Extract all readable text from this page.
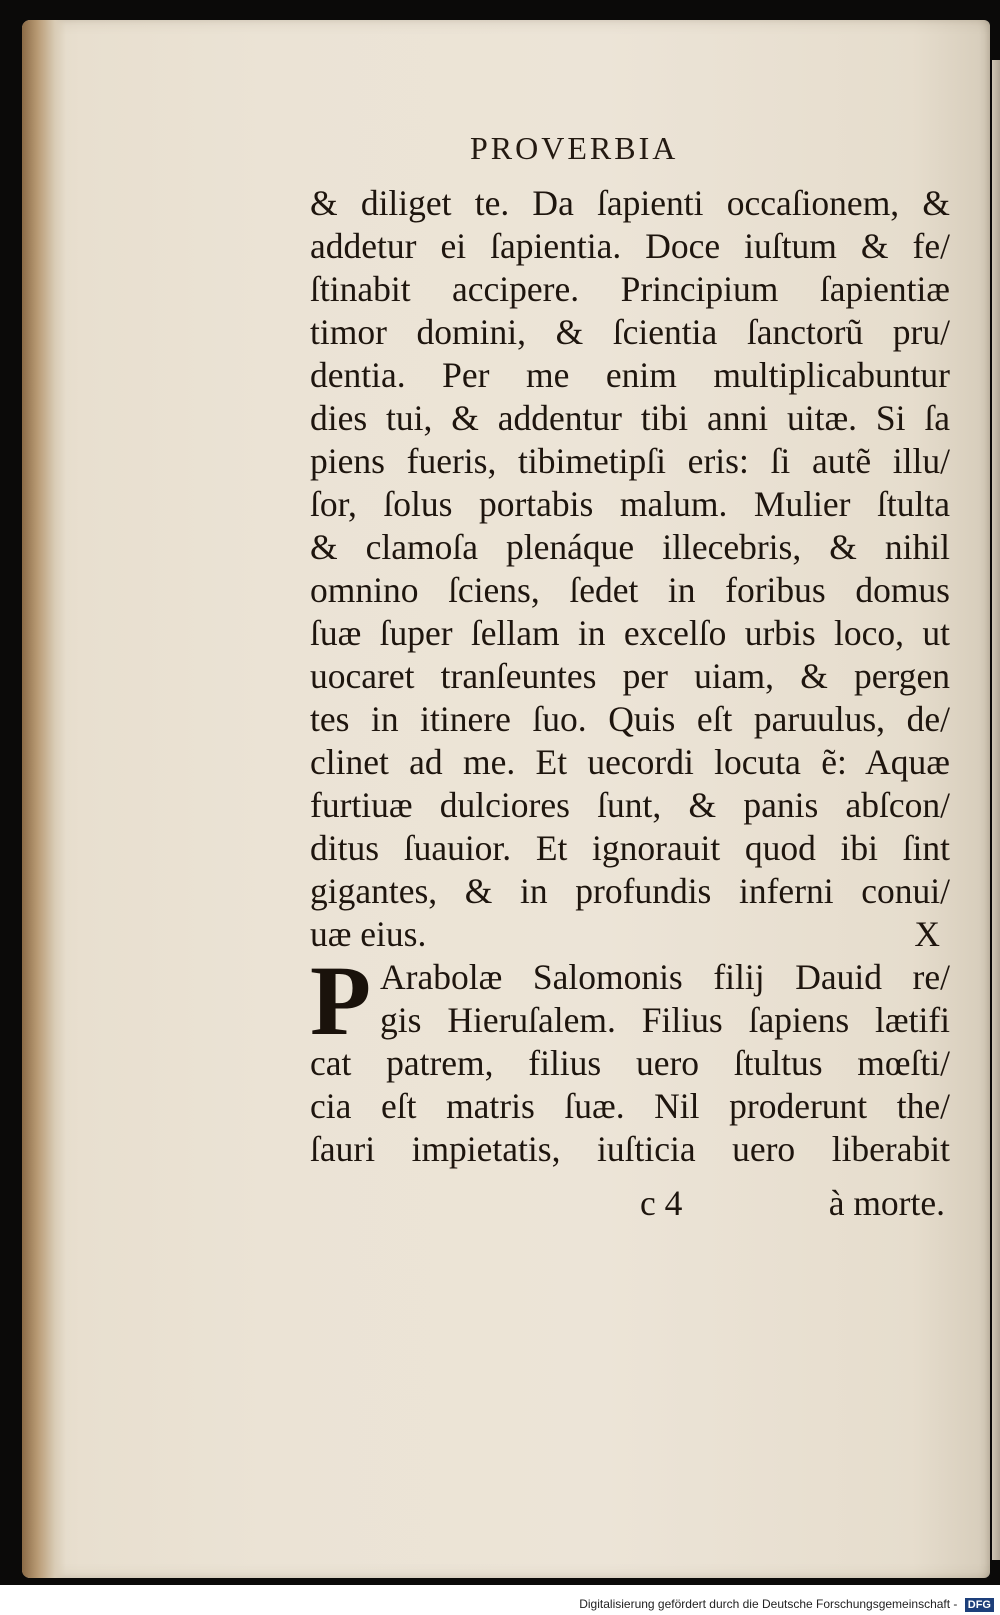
PROVERBIA
& diliget te. Da ſapienti occaſionem, &
addetur ei ſapientia. Doce iuſtum & fe/
ſtinabit accipere. Principium ſapientiæ
timor domini, & ſcientia ſanctorũ pru/
dentia. Per me enim multiplicabuntur
dies tui, & addentur tibi anni uitæ. Si ſa
piens fueris, tibimetipſi eris: ſi autẽ illu/
ſor, ſolus portabis malum. Mulier ſtulta
& clamoſa plenáque illecebris, & nihil
omnino ſciens, ſedet in foribus domus
ſuæ ſuper ſellam in excelſo urbis loco, ut
uocaret tranſeuntes per uiam, & pergen
tes in itinere ſuo. Quis eſt paruulus, de/
clinet ad me. Et uecordi locuta ẽ: Aquæ
furtiuæ dulciores ſunt, & panis abſcon/
ditus ſuauior. Et ignorauit quod ibi ſint
gigantes, & in profundis inferni conui/
uæ eius.	X
P Arabolæ Salomonis filij Dauid re/
gis Hieruſalem. Filius ſapiens lætifi
cat patrem, filius uero ſtultus mœſti/
cia eſt matris ſuæ. Nil proderunt the/
ſauri impietatis, iuſticia uero liberabit
c 4	à morte.
Digitalisierung gefördert durch die Deutsche Forschungsgemeinschaft - DFG
